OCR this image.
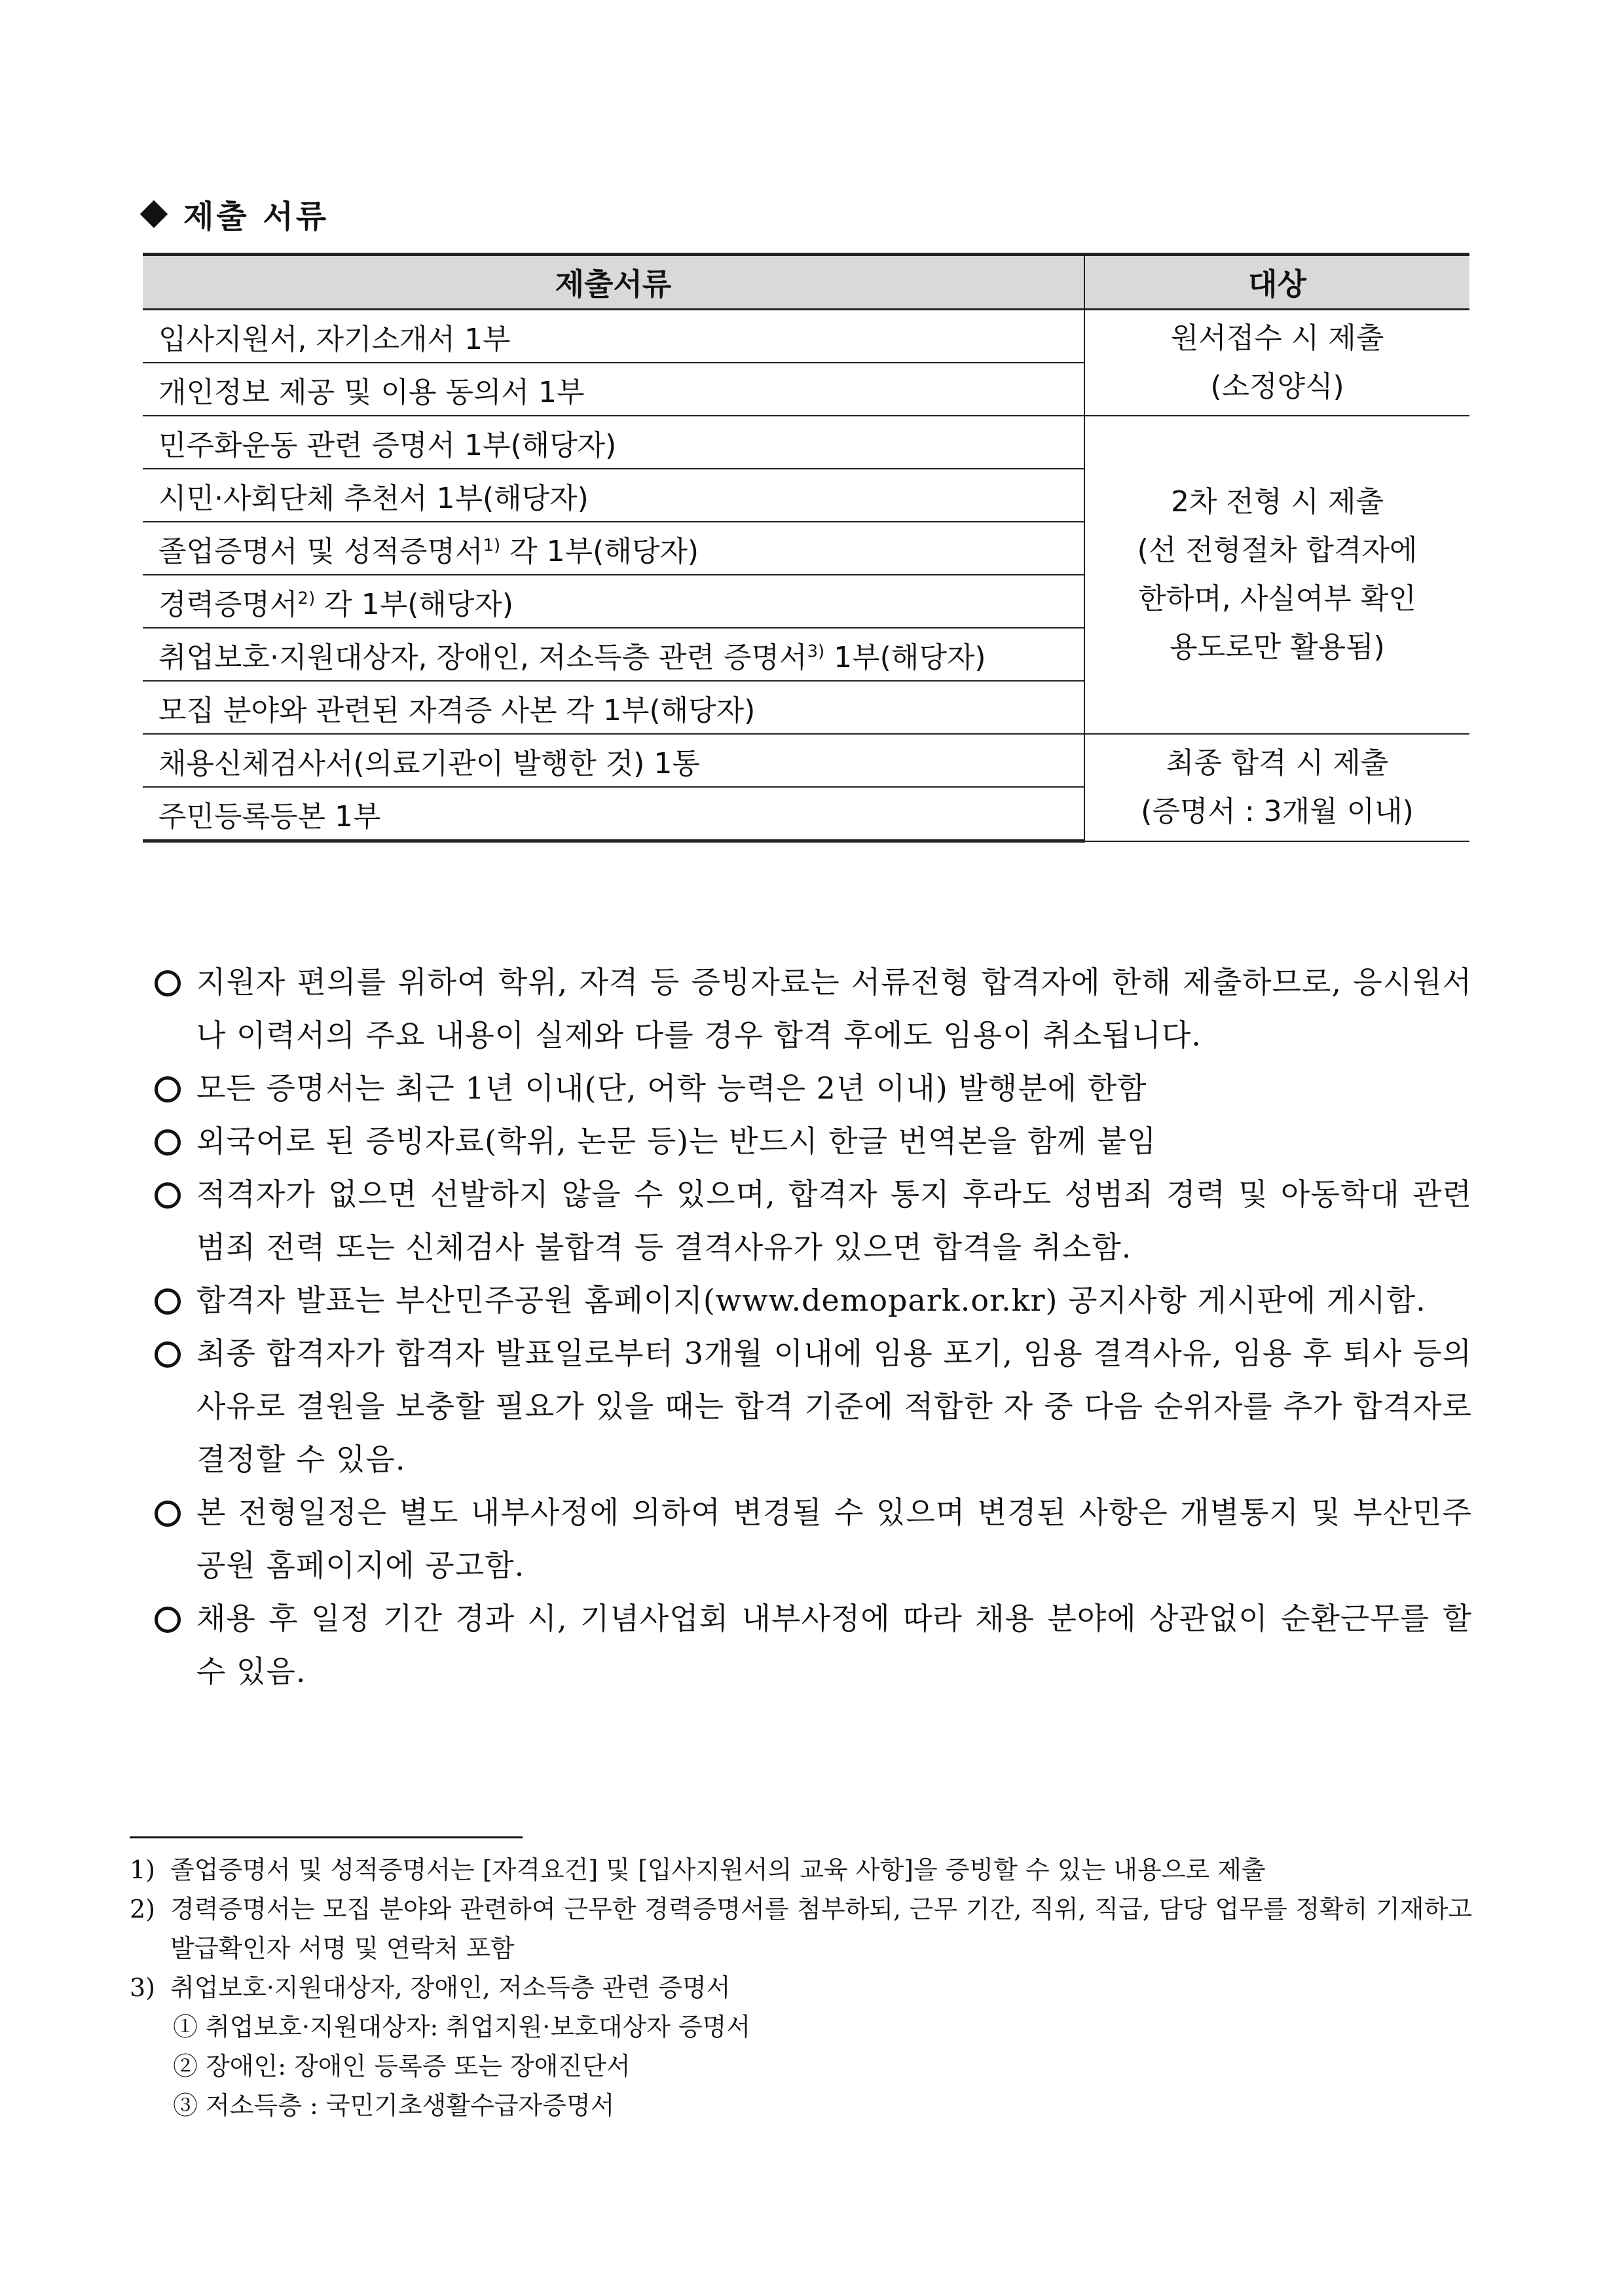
제출 서류
제출서류	대상
입사지원서, 자기소개서 1부	원서접수 시 제출
(소정양식)

개인정보 제공 및 이용 동의서 1부	
민주화운동 관련 증명서 1부(해당자)	2차 전형 시 제출
(선 전형절차 합격자에
한하며, 사실여부 확인
용도로만 활용됨)

시민·사회단체 추천서 1부(해당자)	
졸업증명서 및 성적증명서$^{1)}$ 각 1부(해당자)	
경력증명서$^{2)}$ 각 1부(해당자)	
취업보호·지원대상자, 장애인, 저소득층 관련 증명서$^{3)}$ 1부(해당자)	
모집 분야와 관련된 자격증 사본 각 1부(해당자)	
채용신체검사서(의료기관이 발행한 것) 1통	최종 합격 시 제출
(증명서 : 3개월 이내)

주민등록등본 1부	
지원자 편의를 위하여 학위, 자격 등 증빙자료는 서류전형 합격자에 한해 제출하므로, 응시원서나 이력서의 주요 내용이 실제와 다를 경우 합격 후에도 임용이 취소됩니다.
모든 증명서는 최근 1년 이내(단, 어학 능력은 2년 이내) 발행분에 한함
외국어로 된 증빙자료(학위, 논문 등)는 반드시 한글 번역본을 함께 붙임
적격자가 없으면 선발하지 않을 수 있으며, 합격자 통지 후라도 성범죄 경력 및 아동학대 관련 범죄 전력 또는 신체검사 불합격 등 결격사유가 있으면 합격을 취소함.
합격자 발표는 부산민주공원 홈페이지(www.demopark.or.kr) 공지사항 게시판에 게시함.
최종 합격자가 합격자 발표일로부터 3개월 이내에 임용 포기, 임용 결격사유, 임용 후 퇴사 등의 사유로 결원을 보충할 필요가 있을 때는 합격 기준에 적합한 자 중 다음 순위자를 추가 합격자로 결정할 수 있음.
본 전형일정은 별도 내부사정에 의하여 변경될 수 있으며 변경된 사항은 개별통지 및 부산민주공원 홈페이지에 공고함.
채용 후 일정 기간 경과 시, 기념사업회 내부사정에 따라 채용 분야에 상관없이 순환근무를 할 수 있음.
1) 졸업증명서 및 성적증명서는 [자격요건] 및 [입사지원서의 교육 사항]을 증빙할 수 있는 내용으로 제출
2) 경력증명서는 모집 분야와 관련하여 근무한 경력증명서를 첨부하되, 근무 기간, 직위, 직급, 담당 업무를 정확히 기재하고 발급확인자 서명 및 연락처 포함
3) 취업보호·지원대상자, 장애인, 저소득층 관련 증명서
① 취업보호·지원대상자: 취업지원·보호대상자 증명서
② 장애인: 장애인 등록증 또는 장애진단서
③ 저소득층 : 국민기초생활수급자증명서
